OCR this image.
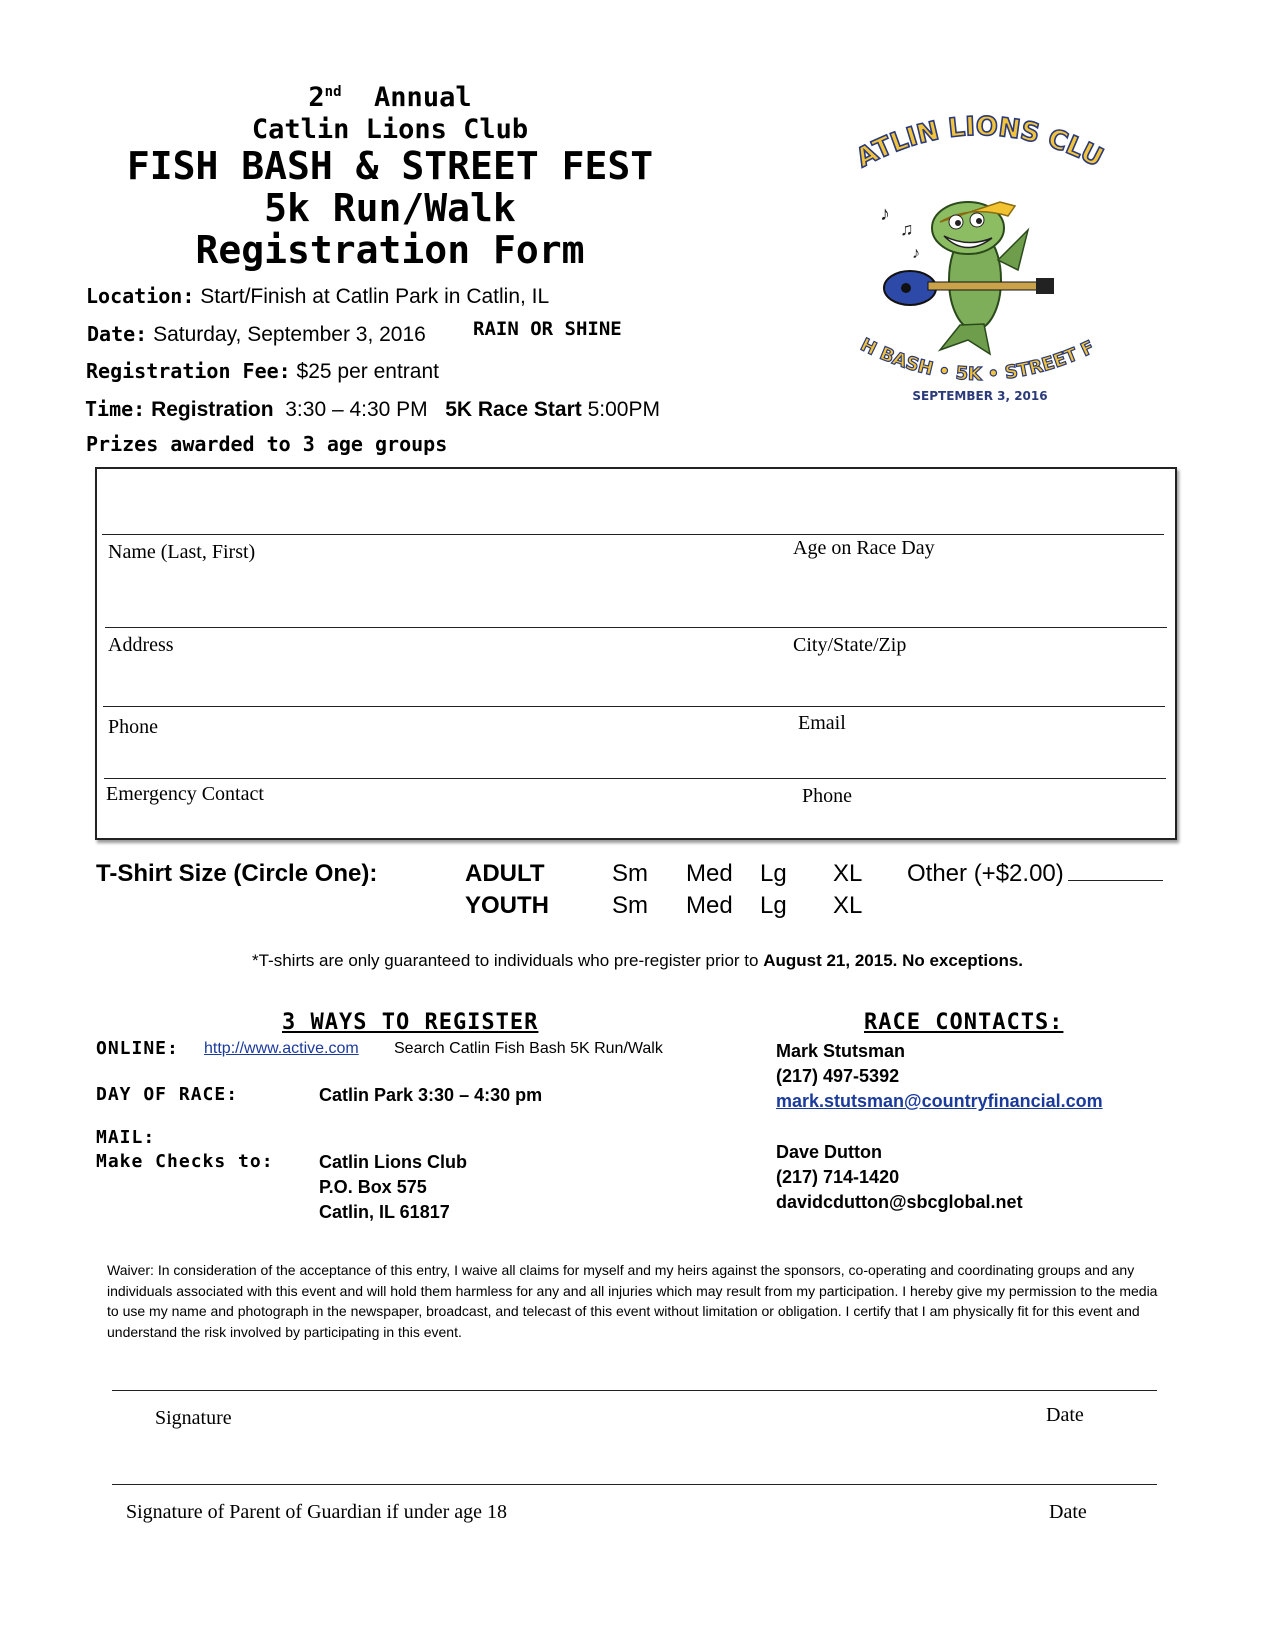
2nd Annual
Catlin Lions Club
FISH BASH & STREET FEST
5k Run/Walk
Registration Form
Location: Start/Finish at Catlin Park in Catlin, IL
Date: Saturday, September 3, 2016 RAIN OR SHINE
Registration Fee: $25 per entrant
Time: Registration 3:30 – 4:30 PM 5K Race Start 5:00PM
Prizes awarded to 3 age groups
ATLIN LIONS CLU
♪
♫
♪
H BASH • 5K • STREET F
SEPTEMBER 3, 2016
Name (Last, First)	Age on Race Day
Address	City/State/Zip
Phone	Email
Emergency Contact	Phone
T-Shirt Size (Circle One):	ADULT	Sm Med Lg XL Other (+$2.00)
YOUTH	Sm Med Lg XL
*T-shirts are only guaranteed to individuals who pre-register prior to August 21, 2015. No exceptions.
3 WAYS TO REGISTER
ONLINE: http://www.active.com Search Catlin Fish Bash 5K Run/Walk
DAY OF RACE:	Catlin Park 3:30 – 4:30 pm
MAIL:
Make Checks to:	Catlin Lions Club
P.O. Box 575
Catlin, IL 61817
RACE CONTACTS:
Mark Stutsman
(217) 497-5392
mark.stutsman@countryfinancial.com
Dave Dutton
(217) 714-1420
davidcdutton@sbcglobal.net
Waiver: In consideration of the acceptance of this entry, I waive all claims for myself and my heirs against the sponsors, co-operating and coordinating groups and any individuals associated with this event and will hold them harmless for any and all injuries which may result from my participation. I hereby give my permission to the media to use my name and photograph in the newspaper, broadcast, and telecast of this event without limitation or obligation. I certify that I am physically fit for this event and understand the risk involved by participating in this event.
Signature	Date
Signature of Parent of Guardian if under age 18	Date
